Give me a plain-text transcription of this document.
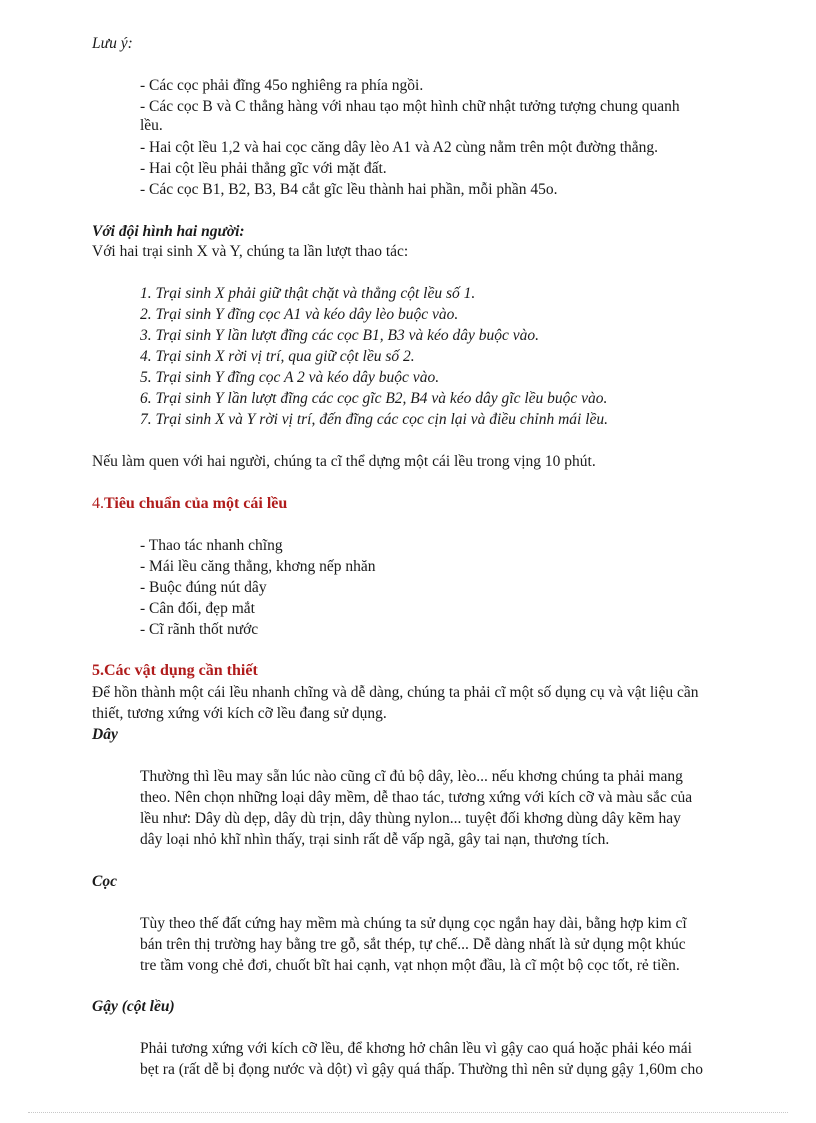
Lưu ý:
- Các cọc phải đĩng 45o nghiêng ra phía ngồi.
- Các cọc B và C thẳng hàng với nhau tạo một hình chữ nhật tưởng tượng chung quanh
lều.
- Hai cột lều 1,2 và hai cọc căng dây lèo A1 và A2 cùng nằm trên một đường thẳng.
- Hai cột lều phải thẳng gĩc với mặt đất.
- Các cọc B1, B2, B3, B4 cắt gĩc lều thành hai phần, mỗi phần 45o.
Với đội hình hai người:
Với hai trại sinh X và Y, chúng ta lần lượt thao tác:
1. Trại sinh X phải giữ thật chặt và thẳng cột lều số 1.
2. Trại sinh Y đĩng cọc A1 và kéo dây lèo buộc vào.
3. Trại sinh Y lần lượt đĩng các cọc B1, B3 và kéo dây buộc vào.
4. Trại sinh X rời vị trí, qua giữ cột lều số 2.
5. Trại sinh Y đĩng cọc A 2 và kéo dây buộc vào.
6. Trại sinh Y lần lượt đĩng các cọc gĩc B2, B4 và kéo dây gĩc lều buộc vào.
7. Trại sinh X và Y rời vị trí, đến đĩng các cọc cịn lại và điều chỉnh mái lều.
Nếu làm quen với hai người, chúng ta cĩ thể dựng một cái lều trong vịng 10 phút.
4.Tiêu chuẩn của một cái lều
- Thao tác nhanh chĩng
- Mái lều căng thẳng, khơng nếp nhăn
- Buộc đúng nút dây
- Cân đối, đẹp mắt
- Cĩ rãnh thốt nước
5.Các vật dụng cần thiết
Để hồn thành một cái lều nhanh chĩng và dễ dàng, chúng ta phải cĩ một số dụng cụ và vật liệu cần
thiết, tương xứng với kích cỡ lều đang sử dụng.
Dây
Thường thì lều may sẵn lúc nào cũng cĩ đủ bộ dây, lèo... nếu khơng chúng ta phải mang
theo. Nên chọn những loại dây mềm, dễ thao tác, tương xứng với kích cỡ và màu sắc của
lều như: Dây dù dẹp, dây dù trịn, dây thùng nylon... tuyệt đối khơng dùng dây kẽm hay
dây loại nhỏ khĩ nhìn thấy, trại sinh rất dễ vấp ngã, gây tai nạn, thương tích.
Cọc
Tùy theo thế đất cứng hay mềm mà chúng ta sử dụng cọc ngắn hay dài, bằng hợp kim cĩ
bán trên thị trường hay bằng tre gỗ, sắt thép, tự chế... Dễ dàng nhất là sử dụng một khúc
tre tầm vong chẻ đơi, chuốt bĩt hai cạnh, vạt nhọn một đầu, là cĩ một bộ cọc tốt, rẻ tiền.
Gậy (cột lều)
Phải tương xứng với kích cỡ lều, để khơng hở chân lều vì gậy cao quá hoặc phải kéo mái
bẹt ra (rất dễ bị đọng nước và dột) vì gậy quá thấp. Thường thì nên sử dụng gậy 1,60m cho
